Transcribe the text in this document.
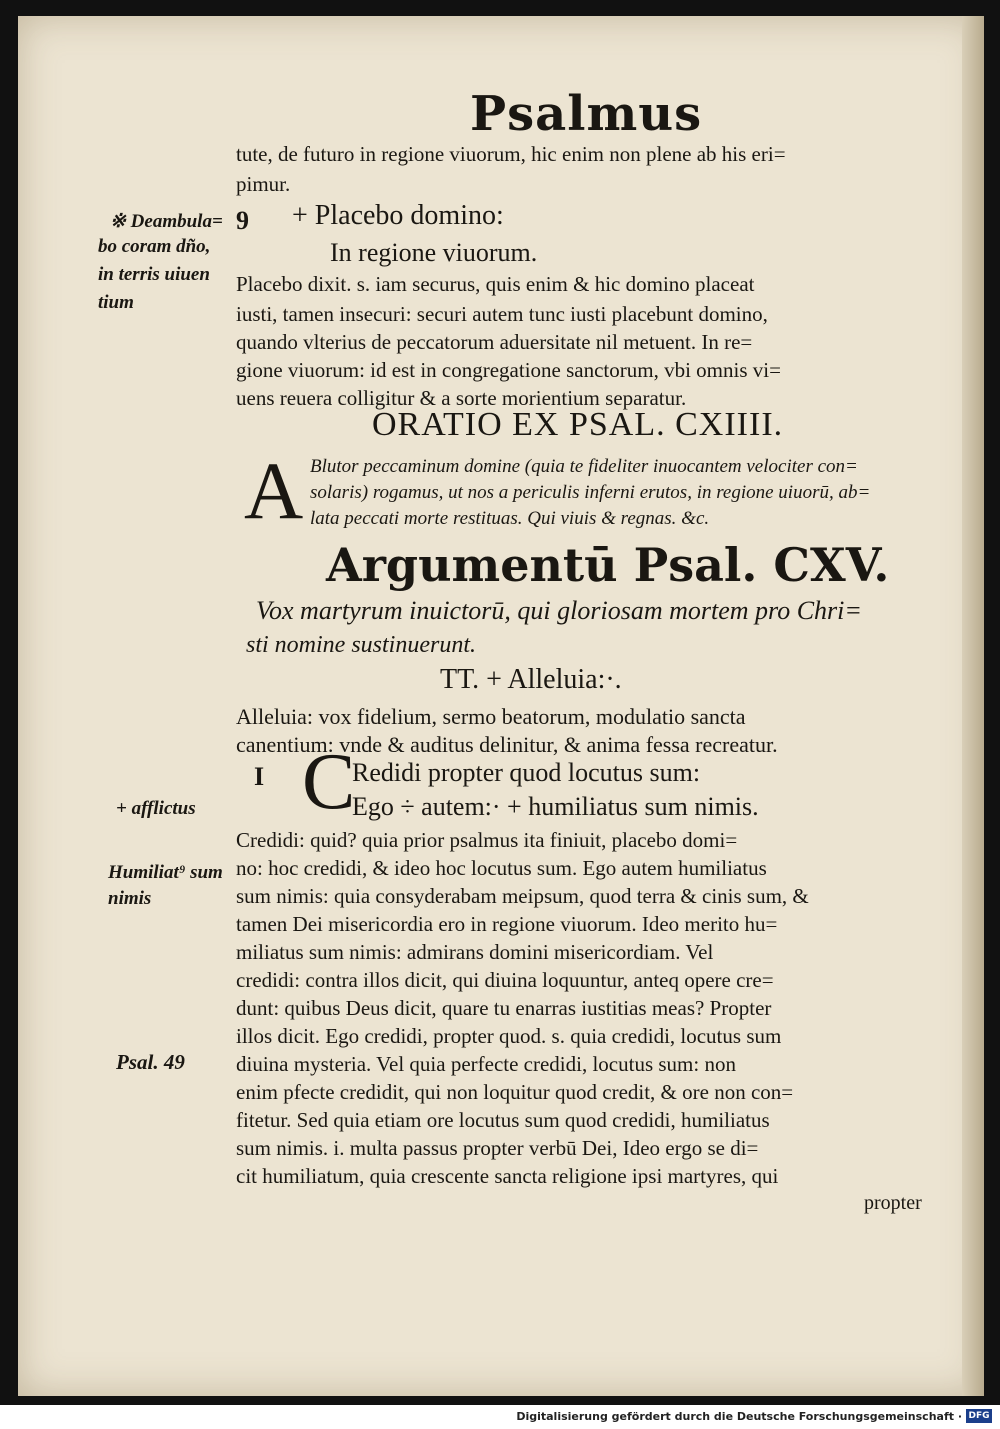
Psalmus
tute, de futuro in regione viuorum, hic enim non plene ab his eri=
pimur.
9 + Placebo domino:
In regione viuorum.
Placebo dixit. s. iam securus, quis enim & hic domino placeat
iusti, tamen insecuri: securi autem tunc iusti placebunt domino,
quando vlterius de peccatorum aduersitate nil metuent. In re=
gione viuorum: id est in congregatione sanctorum, vbi omnis vi=
uens reuera colligitur & a sorte morientium separatur.
ORATIO EX PSAL. CXIIII.
A Blutor peccaminum domine (quia te fideliter inuocantem velociter con=
solaris) rogamus, ut nos a periculis inferni erutos, in regione uiuorū, ab=
lata peccati morte restituas. Qui viuis & regnas. &c.
Argumentū Psal. CXV.
Vox martyrum inuictorū, qui gloriosam mortem pro Chri=
sti nomine sustinuerunt.
TT. + Alleluia:·.
Alleluia: vox fidelium, sermo beatorum, modulatio sancta
canentium: vnde & auditus delinitur, & anima fessa recreatur.
I C
Redidi propter quod locutus sum:
Ego ÷ autem:· + humiliatus sum nimis.
Credidi: quid? quia prior psalmus ita finiuit, placebo domi=
no: hoc credidi, & ideo hoc locutus sum. Ego autem humiliatus
sum nimis: quia consyderabam meipsum, quod terra & cinis sum, &
tamen Dei misericordia ero in regione viuorum. Ideo merito hu=
miliatus sum nimis: admirans domini misericordiam. Vel
credidi: contra illos dicit, qui diuina loquuntur, anteq opere cre=
dunt: quibus Deus dicit, quare tu enarras iustitias meas? Propter
illos dicit. Ego credidi, propter quod. s. quia credidi, locutus sum
diuina mysteria. Vel quia perfecte credidi, locutus sum: non
enim pfecte credidit, qui non loquitur quod credit, & ore non con=
fitetur. Sed quia etiam ore locutus sum quod credidi, humiliatus
sum nimis. i. multa passus propter verbū Dei, Ideo ergo se di=
cit humiliatum, quia crescente sancta religione ipsi martyres, qui
propter
※ Deambula=
bo coram dño,
in terris uiuen
tium
+ afflictus
Humiliat⁹ sum
nimis
Psal. 49
Digitalisierung gefördert durch die Deutsche Forschungsgemeinschaft · DFG
